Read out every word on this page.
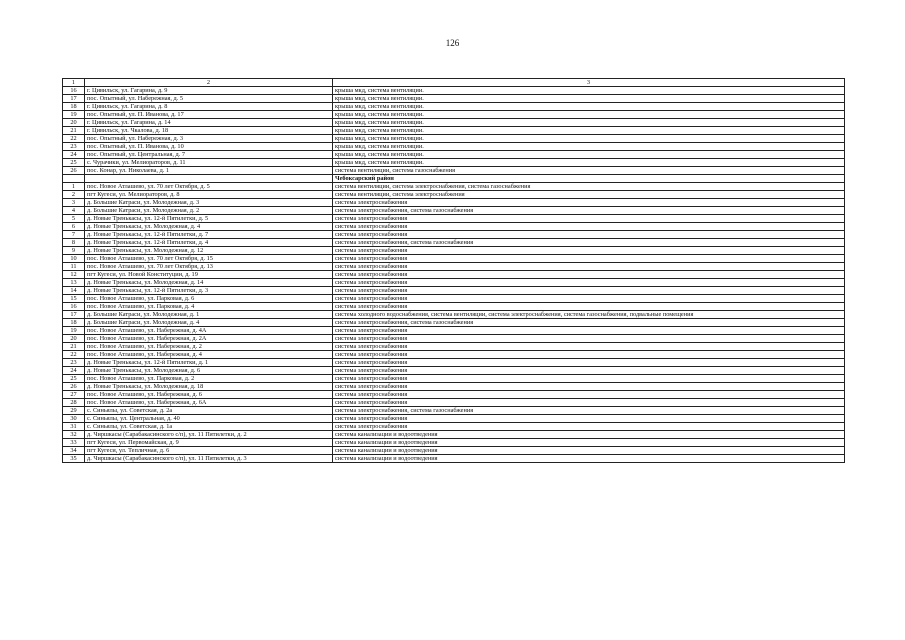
126
1	2	3
16	г. Цивильск, ул. Гагарина, д. 9	крыша мкд, система вентиляции.
17	пос. Опытный, ул. Набережная, д. 5	крыша мкд, система вентиляции.
18	г. Цивильск, ул. Гагарина, д. 8	крыша мкд, система вентиляции.
19	пос. Опытный, ул. П. Иванова, д. 17	крыша мкд, система вентиляции.
20	г. Цивильск, ул. Гагарина, д. 14	крыша мкд, система вентиляции.
21	г. Цивильск, ул. Чкалова, д. 18	крыша мкд, система вентиляции.
22	пос. Опытный, ул. Набережная, д. 3	крыша мкд, система вентиляции.
23	пос. Опытный, ул. П. Иванова, д. 10	крыша мкд, система вентиляции.
24	пос. Опытный, ул. Центральная, д. 7	крыша мкд, система вентиляции.
25	с. Чурачики, ул. Мелиораторов, д. 11	крыша мкд, система вентиляции.
26	пос. Конар, ул. Николаева, д. 1	система вентиляции, система газоснабжения
		Чебоксарский район
1	пос. Новое Атлашево, ул. 70 лет Октября, д. 5	система вентиляции, система электроснабжения, система газоснабжения
2	пгт Кугеси, ул. Мелиораторов, д. 8	система вентиляции, система электроснабжения
3	д. Большие Катраси, ул. Молодежная, д. 3	система электроснабжения
4	д. Большие Катраси, ул. Молодежная, д. 2	система электроснабжения, система газоснабжения
5	д. Новые Тренькасы, ул. 12-й Пятилетки, д. 5	система электроснабжения
6	д. Новые Тренькасы, ул. Молодежная, д. 4	система электроснабжения
7	д. Новые Тренькасы, ул. 12-й Пятилетки, д. 7	система электроснабжения
8	д. Новые Тренькасы, ул. 12-й Пятилетки, д. 4	система электроснабжения, система газоснабжения
9	д. Новые Тренькасы, ул. Молодежная, д. 12	система электроснабжения
10	пос. Новое Атлашево, ул. 70 лет Октября, д. 15	система электроснабжения
11	пос. Новое Атлашево, ул. 70 лет Октября, д. 13	система электроснабжения
12	пгт Кугеси, ул. Новой Конституции, д. 19	система электроснабжения
13	д. Новые Тренькасы, ул. Молодежная, д. 14	система электроснабжения
14	д. Новые Тренькасы, ул. 12-й Пятилетки, д. 3	система электроснабжения
15	пос. Новое Атлашево, ул. Парковая, д. 6	система электроснабжения
16	пос. Новое Атлашево, ул. Парковая, д. 4	система электроснабжения
17	д. Большие Катраси, ул. Молодежная, д. 1	система холодного водоснабжения, система вентиляции, система электроснабжения, система газоснабжения, подвальные помещения
18	д. Большие Катраси, ул. Молодежная, д. 4	система электроснабжения, система газоснабжения
19	пос. Новое Атлашево, ул. Набережная, д. 4А	система электроснабжения
20	пос. Новое Атлашево, ул. Набережная, д. 2А	система электроснабжения
21	пос. Новое Атлашево, ул. Набережная, д. 2	система электроснабжения
22	пос. Новое Атлашево, ул. Набережная, д. 4	система электроснабжения
23	д. Новые Тренькасы, ул. 12-й Пятилетки, д. 1	система электроснабжения
24	д. Новые Тренькасы, ул. Молодежная, д. 6	система электроснабжения
25	пос. Новое Атлашево, ул. Парковая, д. 2	система электроснабжения
26	д. Новые Тренькасы, ул. Молодежная, д. 18	система электроснабжения
27	пос. Новое Атлашево, ул. Набережная, д. 6	система электроснабжения
28	пос. Новое Атлашево, ул. Набережная, д. 6А	система электроснабжения
29	с. Синьялы, ул. Советская, д. 2а	система электроснабжения, система газоснабжения
30	с. Синьялы, ул. Центральная, д. 40	система электроснабжения
31	с. Синьялы, ул. Советская, д. 1а	система электроснабжения
32	д. Чиршкасы (Сарабакасинского с/п), ул. 11 Пятилетки, д. 2	система канализации и водоотведения
33	пгт Кугеси, ул. Первомайская, д. 9	система канализации и водоотведения
34	пгт Кугеси, ул. Тепличная, д. 6	система канализации и водоотведения
35	д. Чиршкасы (Сарабакасинского с/п), ул. 11 Пятилетки, д. 3	система канализации и водоотведения
